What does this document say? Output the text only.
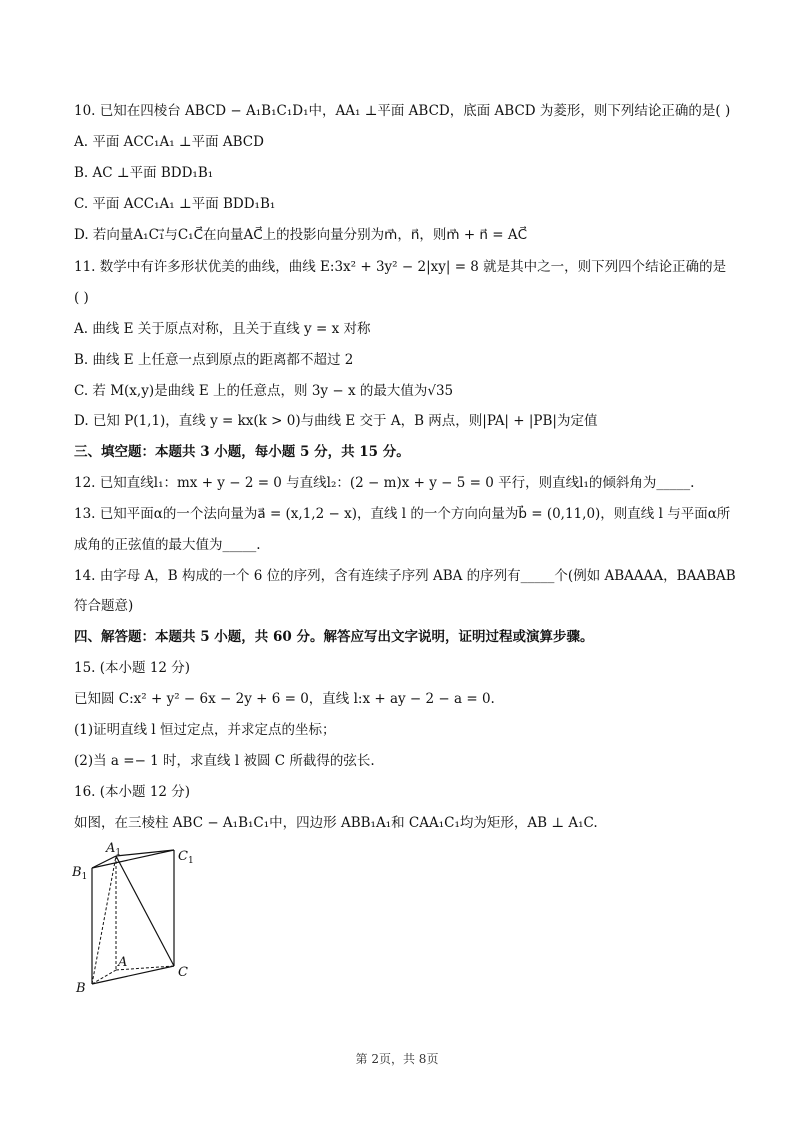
10. 已知在四棱台 ABCD − A₁B₁C₁D₁中，AA₁ ⊥平面 ABCD，底面 ABCD 为菱形，则下列结论正确的是( )
A. 平面 ACC₁A₁ ⊥平面 ABCD
B. AC ⊥平面 BDD₁B₁
C. 平面 ACC₁A₁ ⊥平面 BDD₁B₁
D. 若向量A₁C₁⃗与C₁C⃗在向量AC⃗上的投影向量分别为m⃗，n⃗，则m⃗ + n⃗ = AC⃗
11. 数学中有许多形状优美的曲线，曲线 E:3x² + 3y² − 2|xy| = 8 就是其中之一，则下列四个结论正确的是
( )
A. 曲线 E 关于原点对称，且关于直线 y = x 对称
B. 曲线 E 上任意一点到原点的距离都不超过 2
C. 若 M(x,y)是曲线 E 上的任意点，则 3y − x 的最大值为√35
D. 已知 P(1,1)，直线 y = kx(k > 0)与曲线 E 交于 A，B 两点，则|PA| + |PB|为定值
三、填空题：本题共 3 小题，每小题 5 分，共 15 分。
12. 已知直线l₁：mx + y − 2 = 0 与直线l₂：(2 − m)x + y − 5 = 0 平行，则直线l₁的倾斜角为_____.
13. 已知平面α的一个法向量为a⃗ = (x,1,2 − x)，直线 l 的一个方向向量为b⃗ = (0,11,0)，则直线 l 与平面α所
成角的正弦值的最大值为_____.
14. 由字母 A，B 构成的一个 6 位的序列，含有连续子序列 ABA 的序列有_____个(例如 ABAAAA，BAABAB
符合题意)
四、解答题：本题共 5 小题，共 60 分。解答应写出文字说明，证明过程或演算步骤。
15. (本小题 12 分)
已知圆 C:x² + y² − 6x − 2y + 6 = 0，直线 l:x + ay − 2 − a = 0.
(1)证明直线 l 恒过定点，并求定点的坐标；
(2)当 a =− 1 时，求直线 l 被圆 C 所截得的弦长.
16. (本小题 12 分)
如图，在三棱柱 ABC − A₁B₁C₁中，四边形 ABB₁A₁和 CAA₁C₁均为矩形，AB ⊥ A₁C.
$A_1$	$C_1$
$B_1$
A
C
B
第 2页，共 8页
